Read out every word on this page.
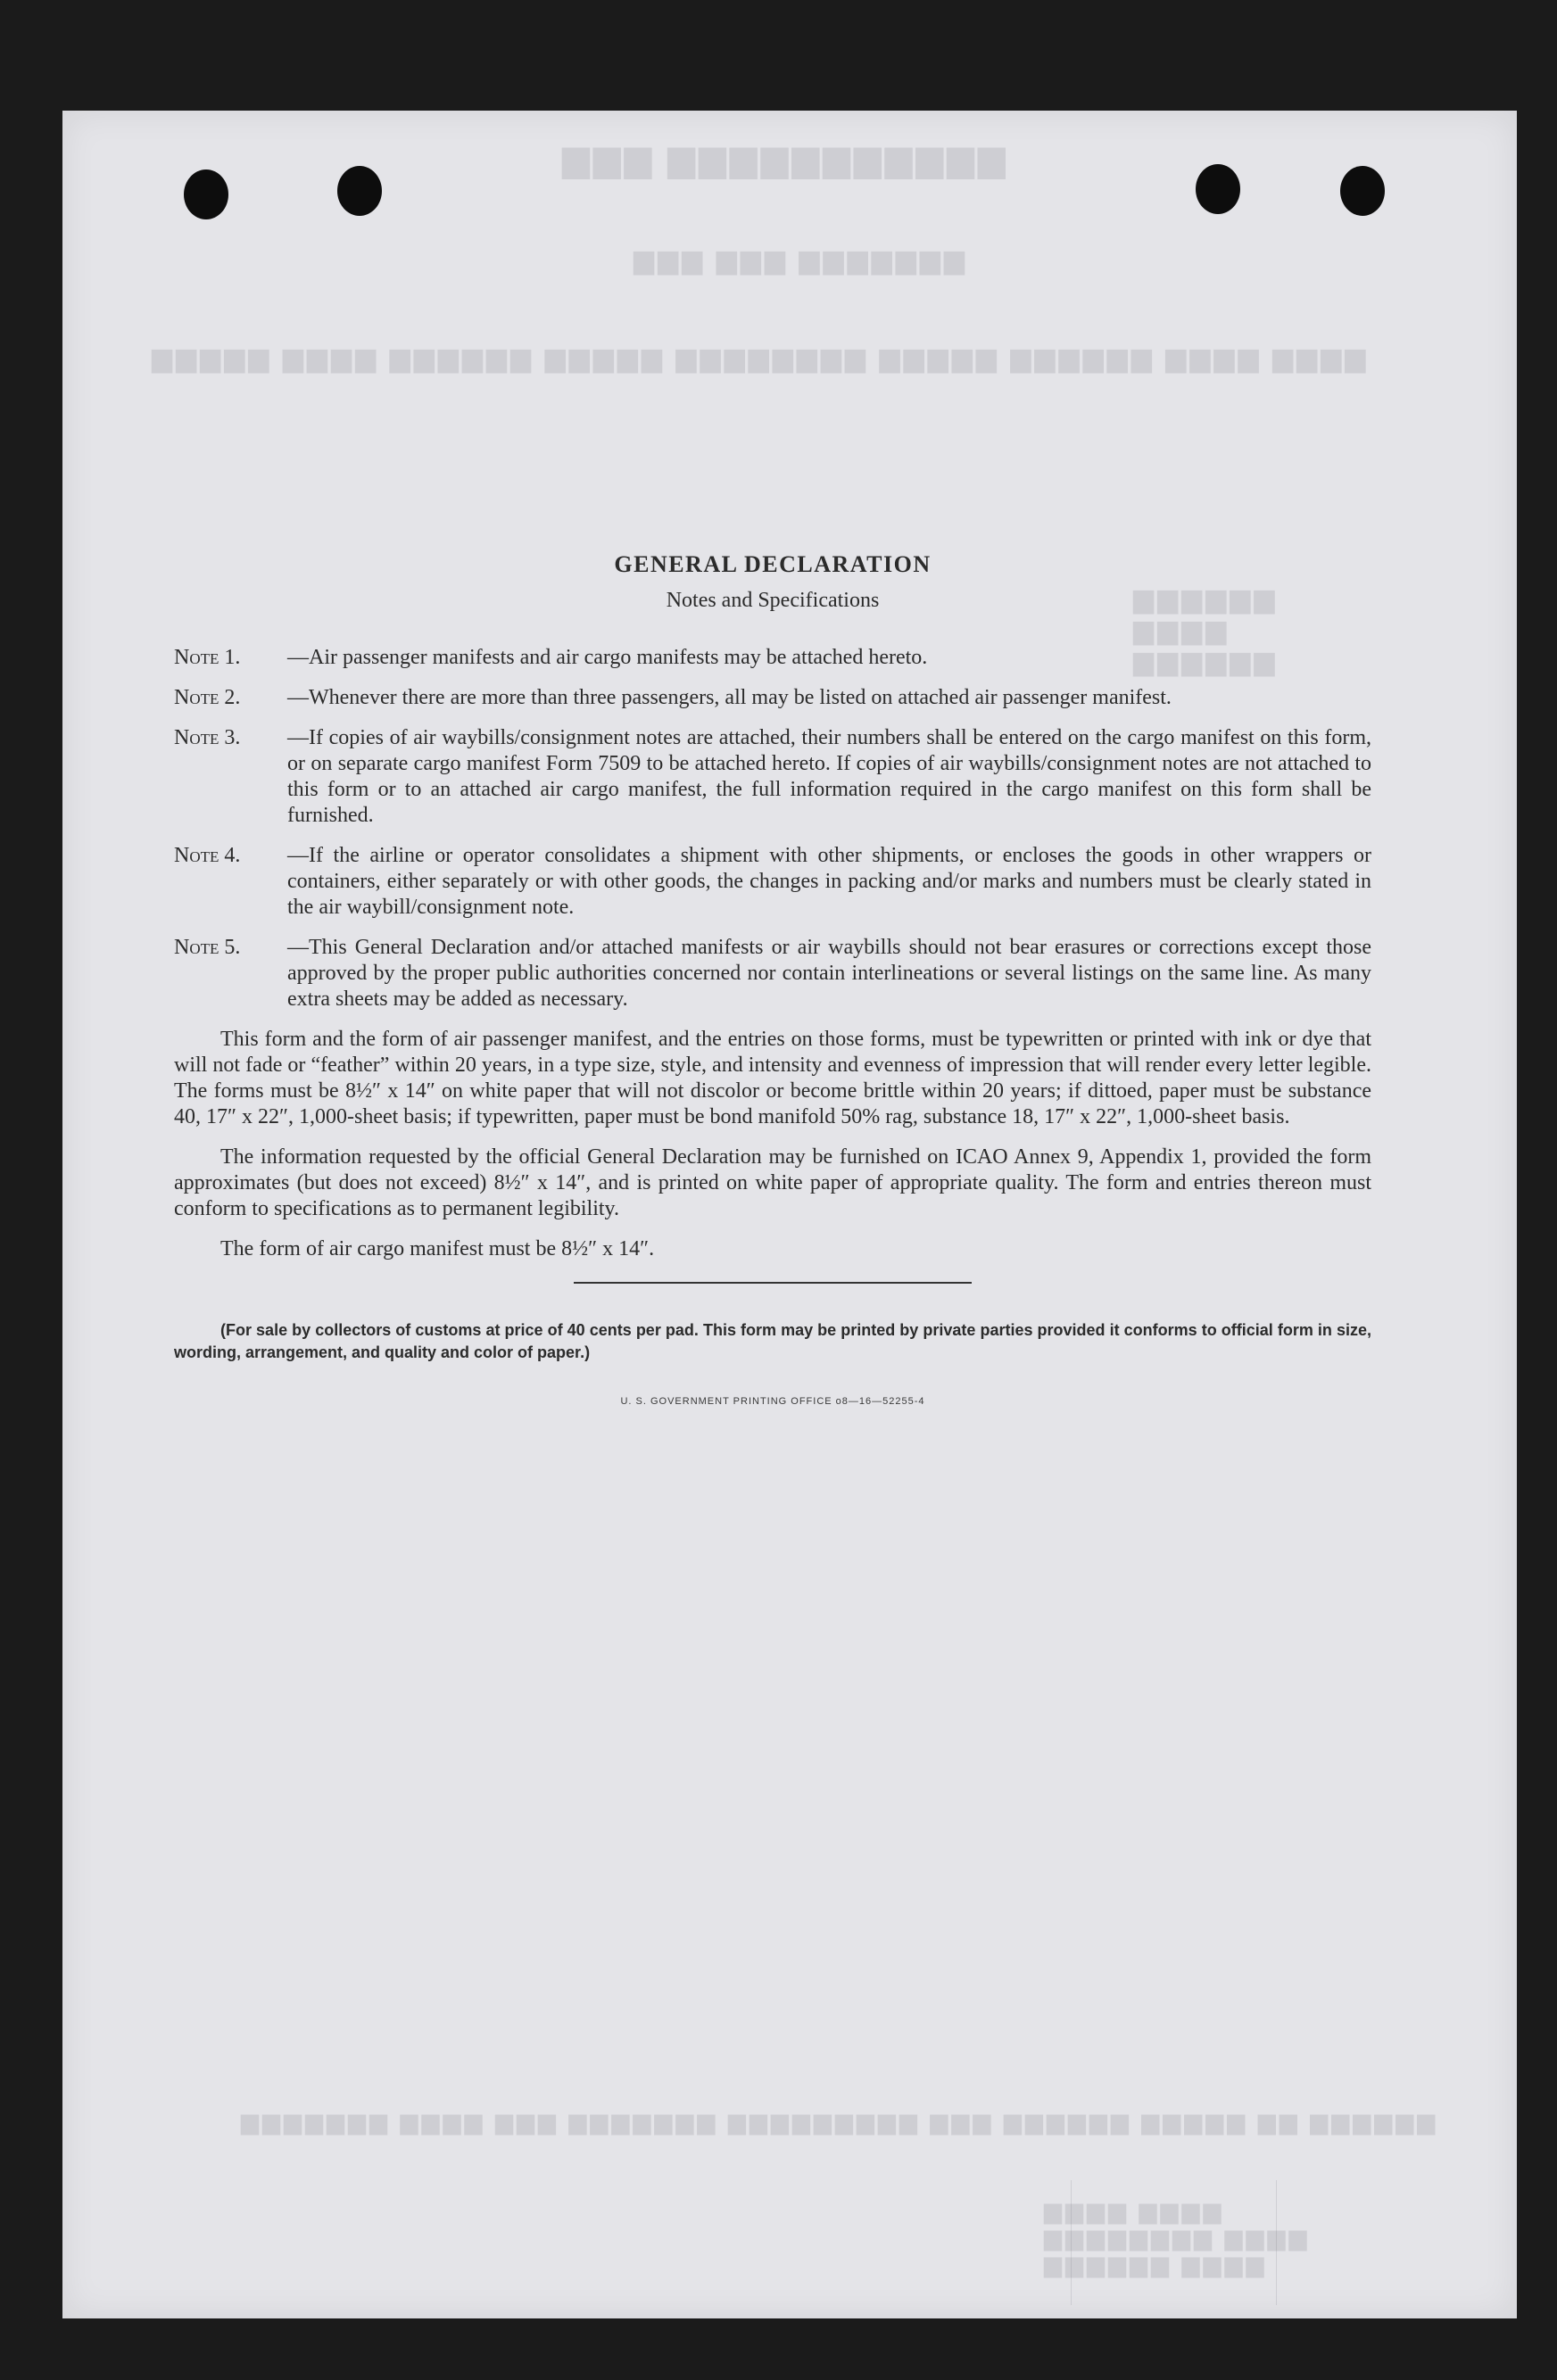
▆▆▆ ▆▆▆▆▆▆▆▆▆▆▆
▆▆▆ ▆▆▆ ▆▆▆▆▆▆▆
▆▆▆▆▆ ▆▆▆▆ ▆▆▆▆▆▆ ▆▆▆▆▆ ▆▆▆▆▆▆▆▆ ▆▆▆▆▆ ▆▆▆▆▆▆ ▆▆▆▆ ▆▆▆▆
▆▆▆▆▆▆
▆▆▆▆
▆▆▆▆▆▆
▆▆▆▆▆▆▆ ▆▆▆▆ ▆▆▆ ▆▆▆▆▆▆▆ ▆▆▆▆▆▆▆▆▆ ▆▆▆ ▆▆▆▆▆▆ ▆▆▆▆▆ ▆▆ ▆▆▆▆▆▆
▆▆▆▆ ▆▆▆▆
▆▆▆▆▆▆▆▆ ▆▆▆▆
▆▆▆▆▆▆ ▆▆▆▆
GENERAL DECLARATION
Notes and Specifications
Note 1.	—Air passenger manifests and air cargo manifests may be attached hereto.
Note 2.	—Whenever there are more than three passengers, all may be listed on attached air passenger manifest.
Note 3.	—If copies of air waybills/consignment notes are attached, their numbers shall be entered on the cargo manifest on this form, or on separate cargo manifest Form 7509 to be attached hereto. If copies of air waybills/consignment notes are not attached to this form or to an attached air cargo manifest, the full information required in the cargo manifest on this form shall be furnished.
Note 4.	—If the airline or operator consolidates a shipment with other shipments, or encloses the goods in other wrappers or containers, either separately or with other goods, the changes in packing and/or marks and numbers must be clearly stated in the air waybill/consignment note.
Note 5.	—This General Declaration and/or attached manifests or air waybills should not bear erasures or corrections except those approved by the proper public authorities concerned nor contain interlineations or several listings on the same line. As many extra sheets may be added as necessary.

This form and the form of air passenger manifest, and the entries on those forms, must be typewritten or printed with ink or dye that will not fade or “feather” within 20 years, in a type size, style, and intensity and evenness of impression that will render every letter legible. The forms must be 8½″ x 14″ on white paper that will not discolor or become brittle within 20 years; if dittoed, paper must be substance 40, 17″ x 22″, 1,000-sheet basis; if typewritten, paper must be bond manifold 50% rag, substance 18, 17″ x 22″, 1,000-sheet basis.

The information requested by the official General Declaration may be furnished on ICAO Annex 9, Appendix 1, provided the form approximates (but does not exceed) 8½″ x 14″, and is printed on white paper of appropriate quality. The form and entries thereon must conform to specifications as to permanent legibility.

The form of air cargo manifest must be 8½″ x 14″.

(For sale by collectors of customs at price of 40 cents per pad. This form may be printed by private parties provided it conforms to official form in size, wording, arrangement, and quality and color of paper.)

U. S. GOVERNMENT PRINTING OFFICE o8—16—52255-4
